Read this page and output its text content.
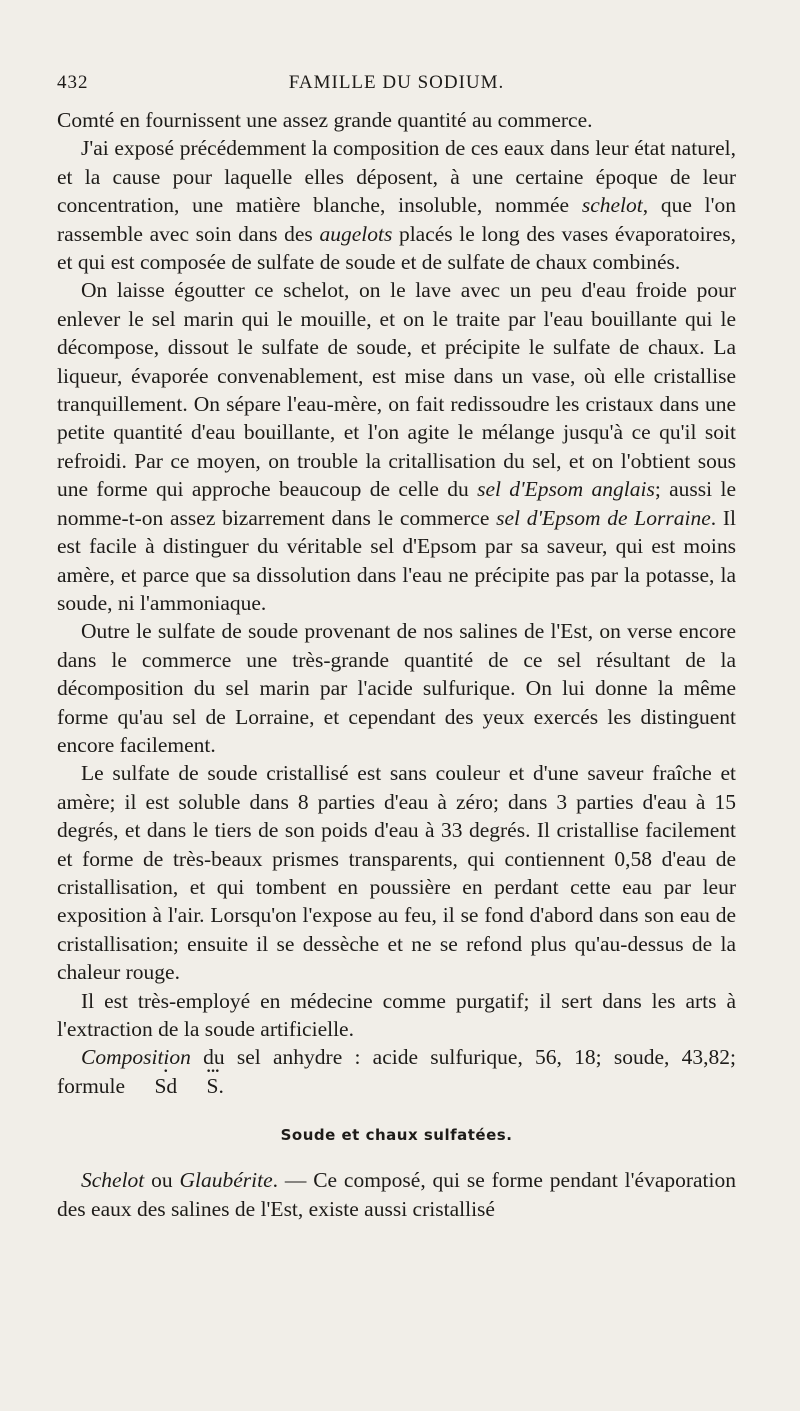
432	FAMILLE DU SODIUM.

Comté en fournissent une assez grande quantité au commerce.

J'ai exposé précédemment la composition de ces eaux dans leur état naturel, et la cause pour laquelle elles déposent, à une certaine époque de leur concentration, une matière blanche, insoluble, nommée schelot, que l'on rassemble avec soin dans des augelots placés le long des vases évaporatoires, et qui est composée de sulfate de soude et de sulfate de chaux combinés.

On laisse égoutter ce schelot, on le lave avec un peu d'eau froide pour enlever le sel marin qui le mouille, et on le traite par l'eau bouillante qui le décompose, dissout le sulfate de soude, et précipite le sulfate de chaux. La liqueur, évaporée convenablement, est mise dans un vase, où elle cristallise tranquillement. On sépare l'eau-mère, on fait redissoudre les cristaux dans une petite quantité d'eau bouillante, et l'on agite le mélange jusqu'à ce qu'il soit refroidi. Par ce moyen, on trouble la critallisation du sel, et on l'obtient sous une forme qui approche beaucoup de celle du sel d'Epsom anglais; aussi le nomme-t-on assez bizarrement dans le commerce sel d'Epsom de Lorraine. Il est facile à distinguer du véritable sel d'Epsom par sa saveur, qui est moins amère, et parce que sa dissolution dans l'eau ne précipite pas par la potasse, la soude, ni l'ammoniaque.

Outre le sulfate de soude provenant de nos salines de l'Est, on verse encore dans le commerce une très-grande quantité de ce sel résultant de la décomposition du sel marin par l'acide sulfurique. On lui donne la même forme qu'au sel de Lorraine, et cependant des yeux exercés les distinguent encore facilement.

Le sulfate de soude cristallisé est sans couleur et d'une saveur fraîche et amère; il est soluble dans 8 parties d'eau à zéro; dans 3 parties d'eau à 15 degrés, et dans le tiers de son poids d'eau à 33 degrés. Il cristallise facilement et forme de très-beaux prismes transparents, qui contiennent 0,58 d'eau de cristallisation, et qui tombent en poussière en perdant cette eau par leur exposition à l'air. Lorsqu'on l'expose au feu, il se fond d'abord dans son eau de cristallisation; ensuite il se dessèche et ne se refond plus qu'au-dessus de la chaleur rouge.

Il est très-employé en médecine comme purgatif; il sert dans les arts à l'extraction de la soude artificielle.

Composition du sel anhydre : acide sulfurique, 56, 18; soude, 43,82; formule Sd · S ···.

Soude et chaux sulfatées.

Schelot ou Glaubérite. — Ce composé, qui se forme pendant l'évaporation des eaux des salines de l'Est, existe aussi cristallisé
